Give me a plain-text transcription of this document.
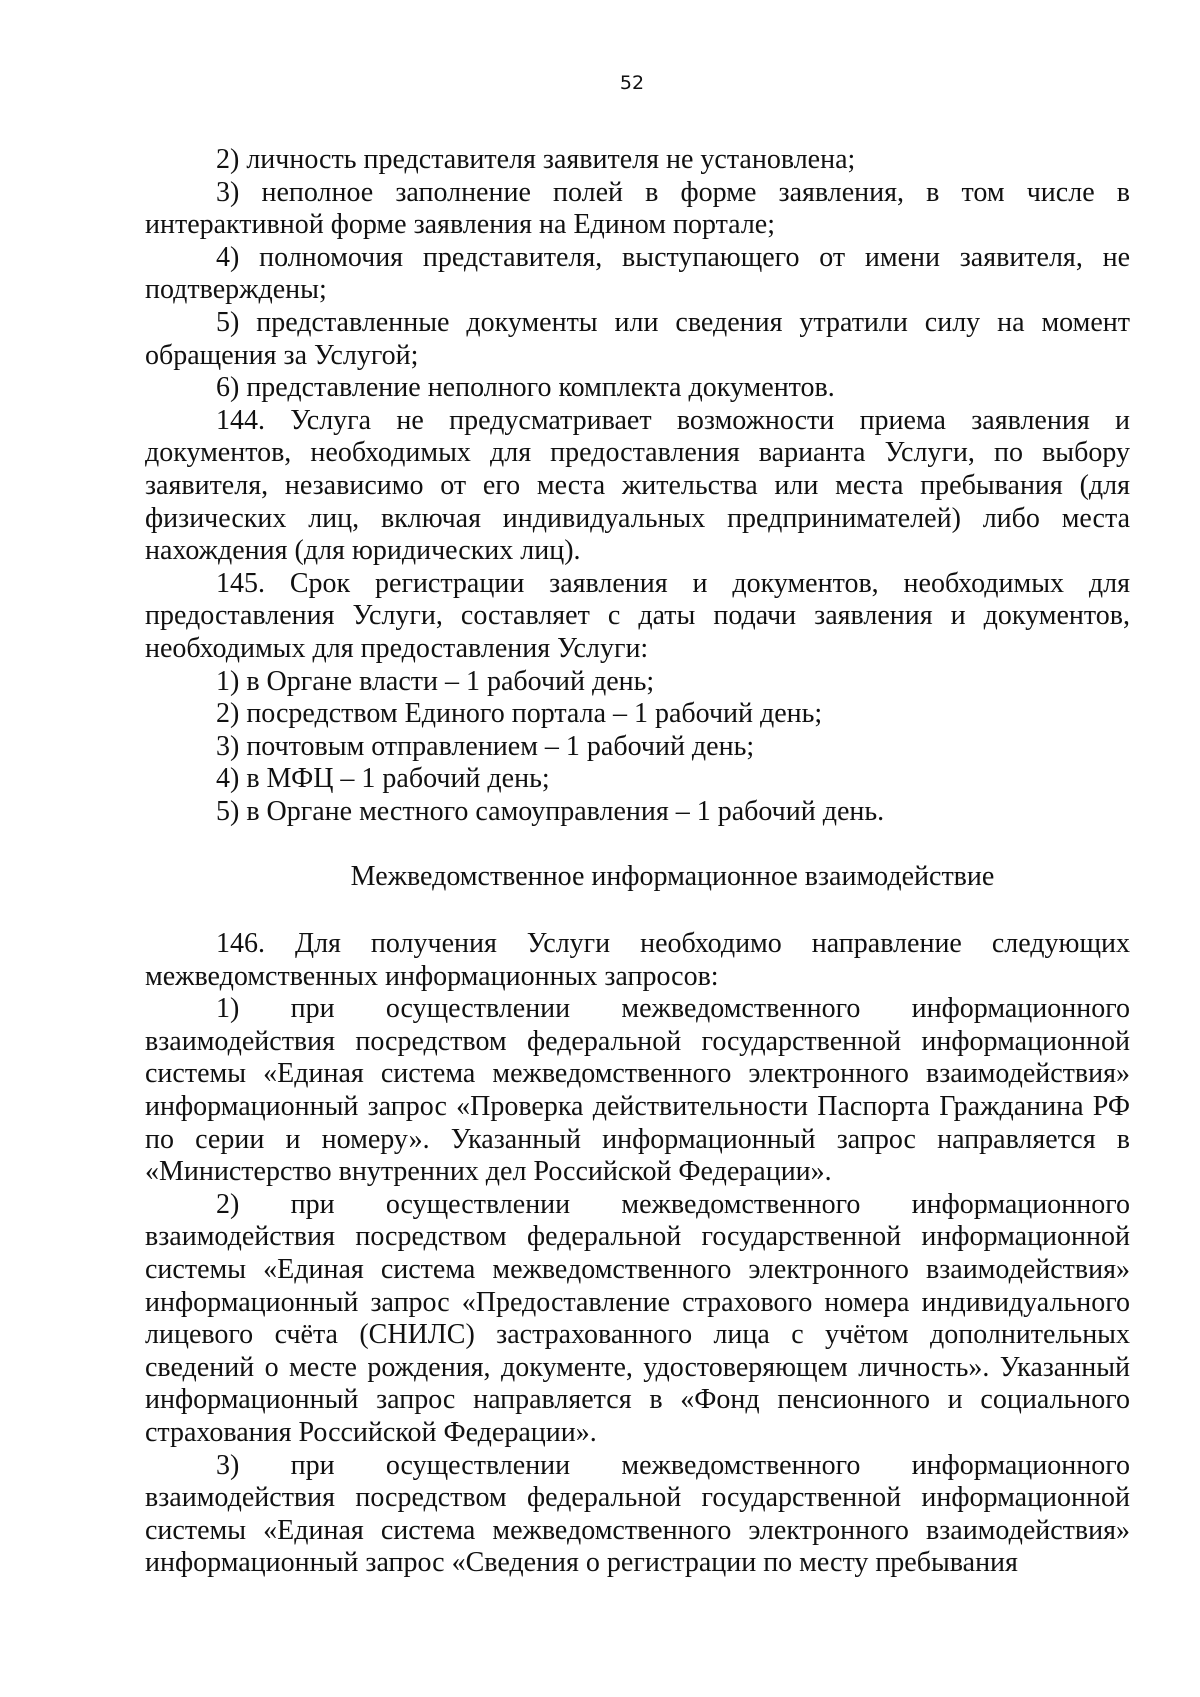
52

2) личность представителя заявителя не установлена;

3) неполное заполнение полей в форме заявления, в том числе в интерактивной форме заявления на Едином портале;

4) полномочия представителя, выступающего от имени заявителя, не подтверждены;

5) представленные документы или сведения утратили силу на момент обращения за Услугой;

6) представление неполного комплекта документов.

144. Услуга не предусматривает возможности приема заявления и документов, необходимых для предоставления варианта Услуги, по выбору заявителя, независимо от его места жительства или места пребывания (для физических лиц, включая индивидуальных предпринимателей) либо места нахождения (для юридических лиц).

145. Срок регистрации заявления и документов, необходимых для предоставления Услуги, составляет с даты подачи заявления и документов, необходимых для предоставления Услуги:

1) в Органе власти – 1 рабочий день;

2) посредством Единого портала – 1 рабочий день;

3) почтовым отправлением – 1 рабочий день;

4) в МФЦ – 1 рабочий день;

5) в Органе местного самоуправления – 1 рабочий день.

Межведомственное информационное взаимодействие

146. Для получения Услуги необходимо направление следующих межведомственных информационных запросов:

1) при осуществлении межведомственного информационного взаимодействия посредством федеральной государственной информационной системы «Единая система межведомственного электронного взаимодействия» информационный запрос «Проверка действительности Паспорта Гражданина РФ по серии и номеру». Указанный информационный запрос направляется в «Министерство внутренних дел Российской Федерации».

2) при осуществлении межведомственного информационного взаимодействия посредством федеральной государственной информационной системы «Единая система межведомственного электронного взаимодействия» информационный запрос «Предоставление страхового номера индивидуального лицевого счёта (СНИЛС) застрахованного лица с учётом дополнительных сведений о месте рождения, документе, удостоверяющем личность». Указанный информационный запрос направляется в «Фонд пенсионного и социального страхования Российской Федерации».

3) при осуществлении межведомственного информационного взаимодействия посредством федеральной государственной информационной системы «Единая система межведомственного электронного взаимодействия» информационный запрос «Сведения о регистрации по месту пребывания
